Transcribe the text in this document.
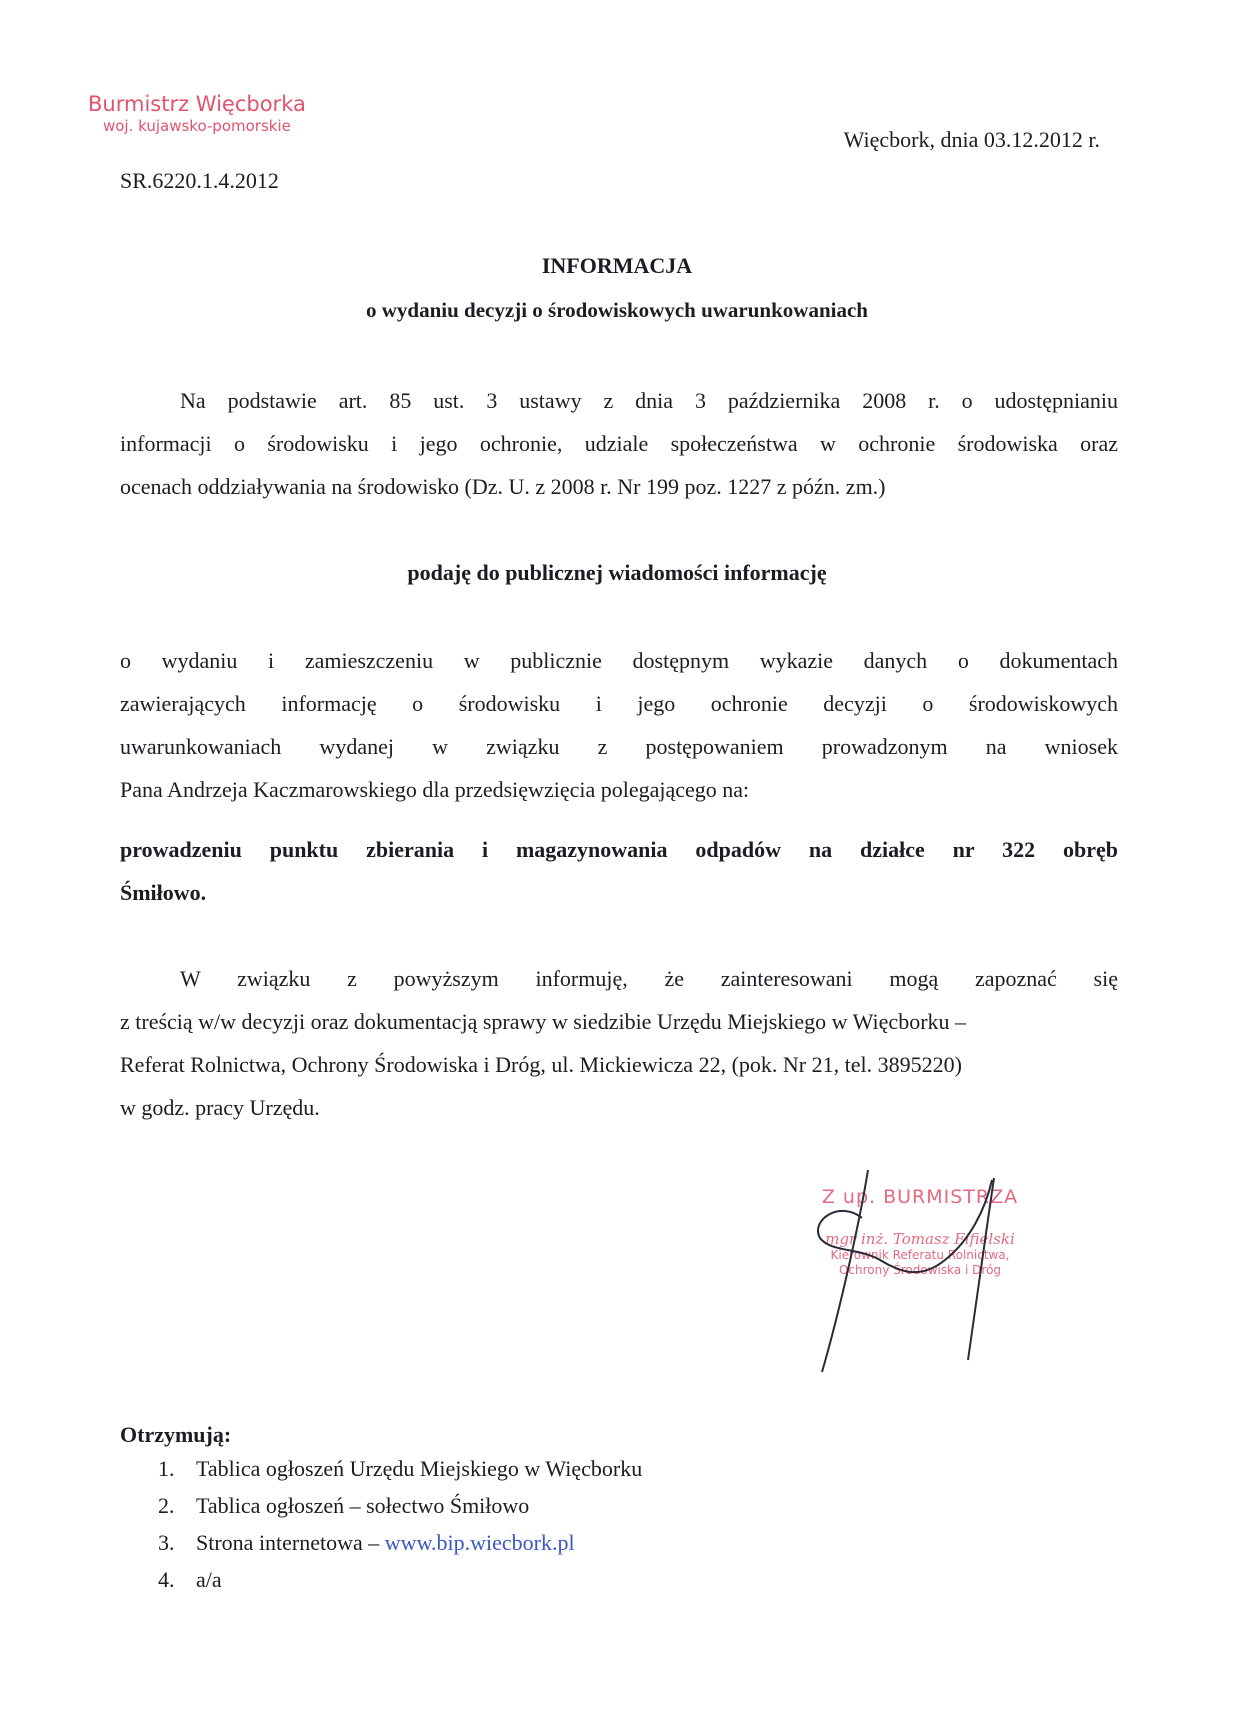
Burmistrz Więcborka
woj. kujawsko-pomorskie
Więcbork, dnia 03.12.2012 r.
SR.6220.1.4.2012
INFORMACJA
o wydaniu decyzji o środowiskowych uwarunkowaniach
Na podstawie art. 85 ust. 3 ustawy z dnia 3 października 2008 r. o udostępnianiu
informacji o środowisku i jego ochronie, udziale społeczeństwa w ochronie środowiska oraz
ocenach oddziaływania na środowisko (Dz. U. z 2008 r. Nr 199 poz. 1227 z późn. zm.)
podaję do publicznej wiadomości informację
o wydaniu i zamieszczeniu w publicznie dostępnym wykazie danych o dokumentach
zawierających informację o środowisku i jego ochronie decyzji o środowiskowych
uwarunkowaniach wydanej w związku z postępowaniem prowadzonym na wniosek
Pana Andrzeja Kaczmarowskiego dla przedsięwzięcia polegającego na:
prowadzeniu punktu zbierania i magazynowania odpadów na działce nr 322 obręb
Śmiłowo.
W związku z powyższym informuję, że zainteresowani mogą zapoznać się
z treścią w/w decyzji oraz dokumentacją sprawy w siedzibie Urzędu Miejskiego w Więcborku –
Referat Rolnictwa, Ochrony Środowiska i Dróg, ul. Mickiewicza 22, (pok. Nr 21, tel. 3895220)
w godz. pracy Urzędu.
Z up. BURMISTRZA
mgr inż. Tomasz Fifielski
Kierownik Referatu Rolnictwa,
Ochrony Środowiska i Dróg
Otrzymują:
1. Tablica ogłoszeń Urzędu Miejskiego w Więcborku
2. Tablica ogłoszeń – sołectwo Śmiłowo
3. Strona internetowa – www.bip.wiecbork.pl
4. a/a
